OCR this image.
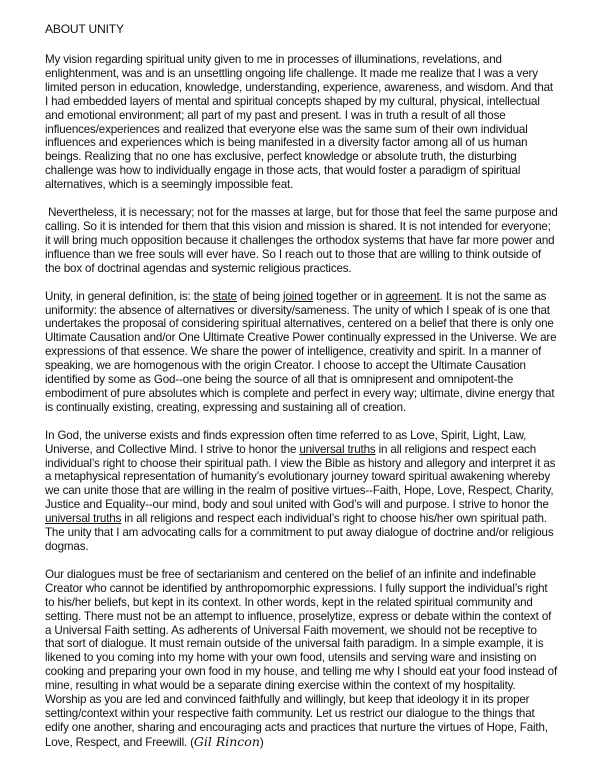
ABOUT UNITY
My vision regarding spiritual unity given to me in processes of illuminations, revelations, and enlightenment, was and is an unsettling ongoing life challenge. It made me realize that I was a very limited person in education, knowledge, understanding, experience, awareness, and wisdom. And that I had embedded layers of mental and spiritual concepts shaped by my cultural, physical, intellectual and emotional environment; all part of my past and present. I was in truth a result of all those influences/experiences and realized that everyone else was the same sum of their own individual influences and experiences which is being manifested in a diversity factor among all of us human beings. Realizing that no one has exclusive, perfect knowledge or absolute truth, the disturbing challenge was how to individually engage in those acts, that would foster a paradigm of spiritual alternatives, which is a seemingly impossible feat.
Nevertheless, it is necessary; not for the masses at large, but for those that feel the same purpose and calling. So it is intended for them that this vision and mission is shared. It is not intended for everyone; it will bring much opposition because it challenges the orthodox systems that have far more power and influence than we free souls will ever have. So I reach out to those that are willing to think outside of the box of doctrinal agendas and systemic religious practices.
Unity, in general definition, is: the state of being joined together or in agreement. It is not the same as uniformity: the absence of alternatives or diversity/sameness. The unity of which I speak of is one that undertakes the proposal of considering spiritual alternatives, centered on a belief that there is only one Ultimate Causation and/or One Ultimate Creative Power continually expressed in the Universe. We are expressions of that essence. We share the power of intelligence, creativity and spirit. In a manner of speaking, we are homogenous with the origin Creator. I choose to accept the Ultimate Causation identified by some as God--one being the source of all that is omnipresent and omnipotent-the embodiment of pure absolutes which is complete and perfect in every way; ultimate, divine energy that is continually existing, creating, expressing and sustaining all of creation.
In God, the universe exists and finds expression often time referred to as Love, Spirit, Light, Law, Universe, and Collective Mind. I strive to honor the universal truths in all religions and respect each individual’s right to choose their spiritual path. I view the Bible as history and allegory and interpret it as a metaphysical representation of humanity’s evolutionary journey toward spiritual awakening whereby we can unite those that are willing in the realm of positive virtues--Faith, Hope, Love, Respect, Charity, Justice and Equality--our mind, body and soul united with God’s will and purpose. I strive to honor the universal truths in all religions and respect each individual’s right to choose his/her own spiritual path. The unity that I am advocating calls for a commitment to put away dialogue of doctrine and/or religious dogmas.
Our dialogues must be free of sectarianism and centered on the belief of an infinite and indefinable Creator who cannot be identified by anthropomorphic expressions. I fully support the individual’s right to his/her beliefs, but kept in its context. In other words, kept in the related spiritual community and setting. There must not be an attempt to influence, proselytize, express or debate within the context of a Universal Faith setting. As adherents of Universal Faith movement, we should not be receptive to that sort of dialogue. It must remain outside of the universal faith paradigm. In a simple example, it is likened to you coming into my home with your own food, utensils and serving ware and insisting on cooking and preparing your own food in my house, and telling me why I should eat your food instead of mine, resulting in what would be a separate dining exercise within the context of my hospitality. Worship as you are led and convinced faithfully and willingly, but keep that ideology it in its proper setting/context within your respective faith community. Let us restrict our dialogue to the things that edify one another, sharing and encouraging acts and practices that nurture the virtues of Hope, Faith, Love, Respect, and Freewill. (Gil Rincon)
